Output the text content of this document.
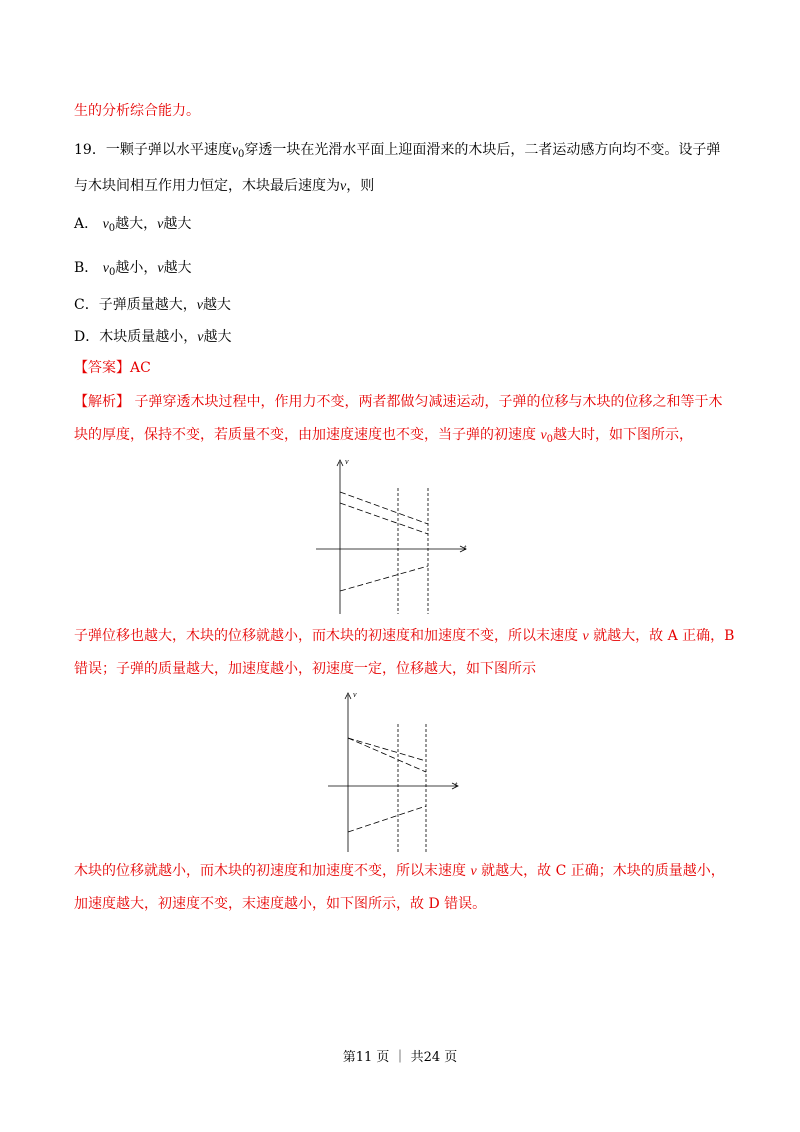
生的分析综合能力。
19．一颗子弹以水平速度$v_0$穿透一块在光滑水平面上迎面滑来的木块后，二者运动感方向均不变。设子弹
与木块间相互作用力恒定，木块最后速度为v，则
A． $v_0$越大，v越大
B． $v_0$越小，v越大
C．子弹质量越大，v越大
D．木块质量越小，v越大
【答案】AC
【解析】 子弹穿透木块过程中，作用力不变，两者都做匀减速运动，子弹的位移与木块的位移之和等于木
块的厚度，保持不变，若质量不变，由加速度速度也不变，当子弹的初速度 $v_0$越大时，如下图所示，
v
t
子弹位移也越大，木块的位移就越小，而木块的初速度和加速度不变，所以末速度 v 就越大，故 A 正确，B
错误；子弹的质量越大，加速度越小，初速度一定，位移越大，如下图所示
v
t
木块的位移就越小，而木块的初速度和加速度不变，所以末速度 v 就越大，故 C 正确；木块的质量越小，
加速度越大，初速度不变，末速度越小，如下图所示，故 D 错误。
第11 页 ｜ 共24 页
